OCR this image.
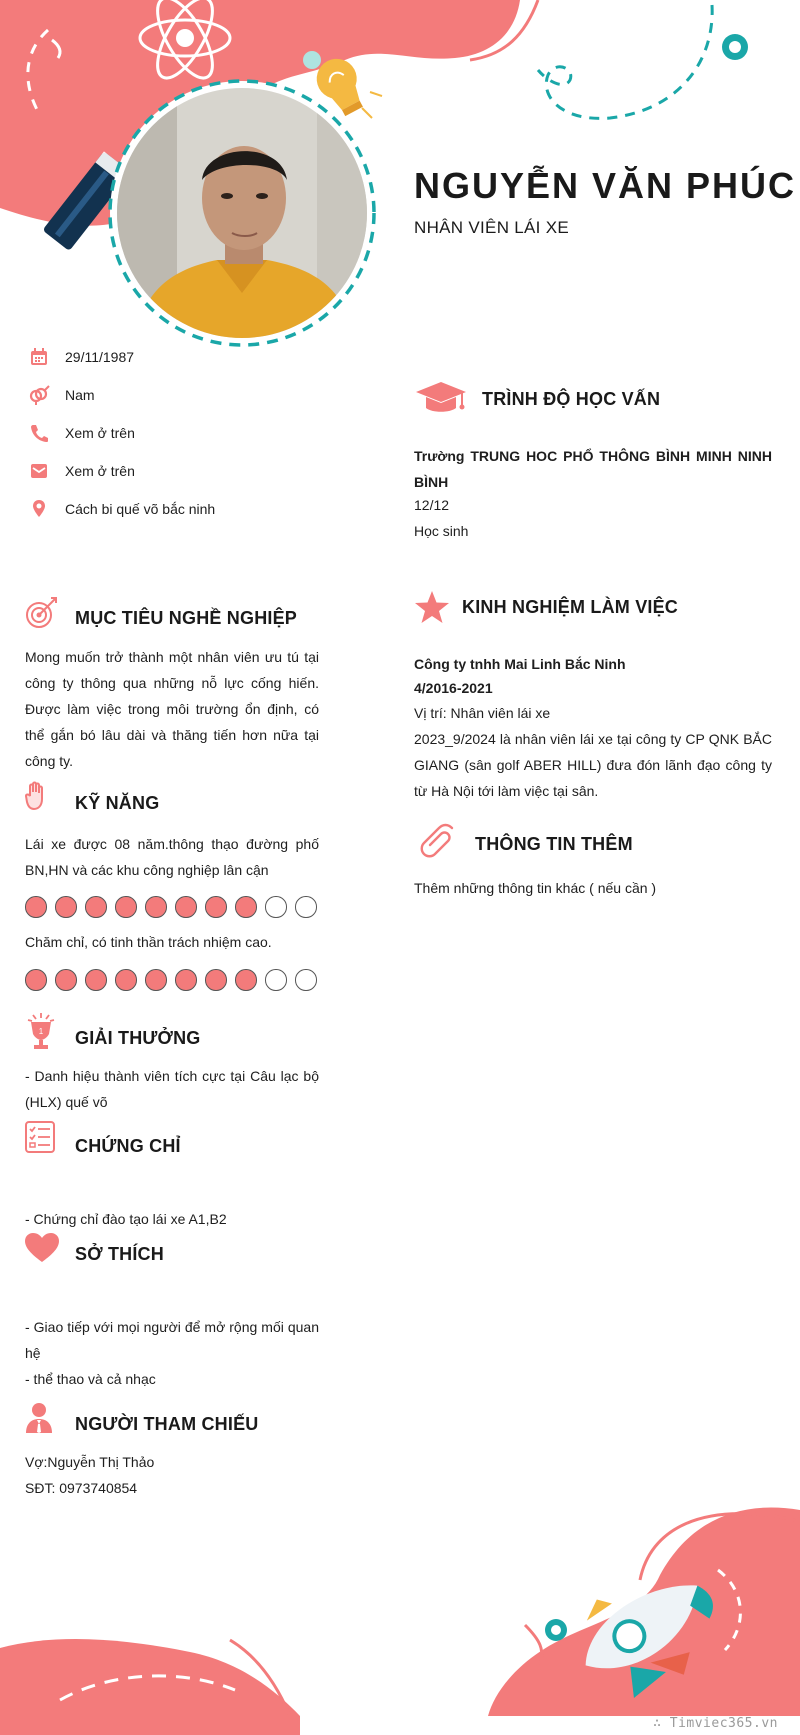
NGUYỄN VĂN PHÚC
NHÂN VIÊN LÁI XE
29/11/1987
Nam
Xem ở trên
Xem ở trên
Cách bi quế võ bắc ninh
MỤC TIÊU NGHỀ NGHIỆP
Mong muốn trở thành một nhân viên ưu tú tại công ty thông qua những nỗ lực cống hiến. Được làm việc trong môi trường ổn định, có thể gắn bó lâu dài và thăng tiến hơn nữa tại công ty.
KỸ NĂNG
Lái xe được 08 năm.thông thạo đường phố BN,HN và các khu công nghiệp lân cận
Chăm chỉ, có tinh thần trách nhiệm cao.
1 GIẢI THƯỞNG
- Danh hiệu thành viên tích cực tại Câu lạc bộ (HLX) quế võ
CHỨNG CHỈ
- Chứng chỉ đào tạo lái xe A1,B2
SỞ THÍCH
- Giao tiếp với mọi người để mở rộng mối quan hệ
- thể thao và cả nhạc
NGƯỜI THAM CHIẾU
Vợ:Nguyễn Thị Thảo
SĐT: 0973740854
TRÌNH ĐỘ HỌC VẤN
Trường TRUNG HOC PHỔ THÔNG BÌNH MINH NINH BÌNH
12/12
Học sinh
KINH NGHIỆM LÀM VIỆC
Công ty tnhh Mai Linh Bắc Ninh
4/2016-2021
Vị trí: Nhân viên lái xe
2023_9/2024 là nhân viên lái xe tại công ty CP QNK BẮC GIANG (sân golf ABER HILL) đưa đón lãnh đạo công ty từ Hà Nội tới làm việc tại sân.
THÔNG TIN THÊM
Thêm những thông tin khác ( nếu cần )
∴ Timviec365.vn
